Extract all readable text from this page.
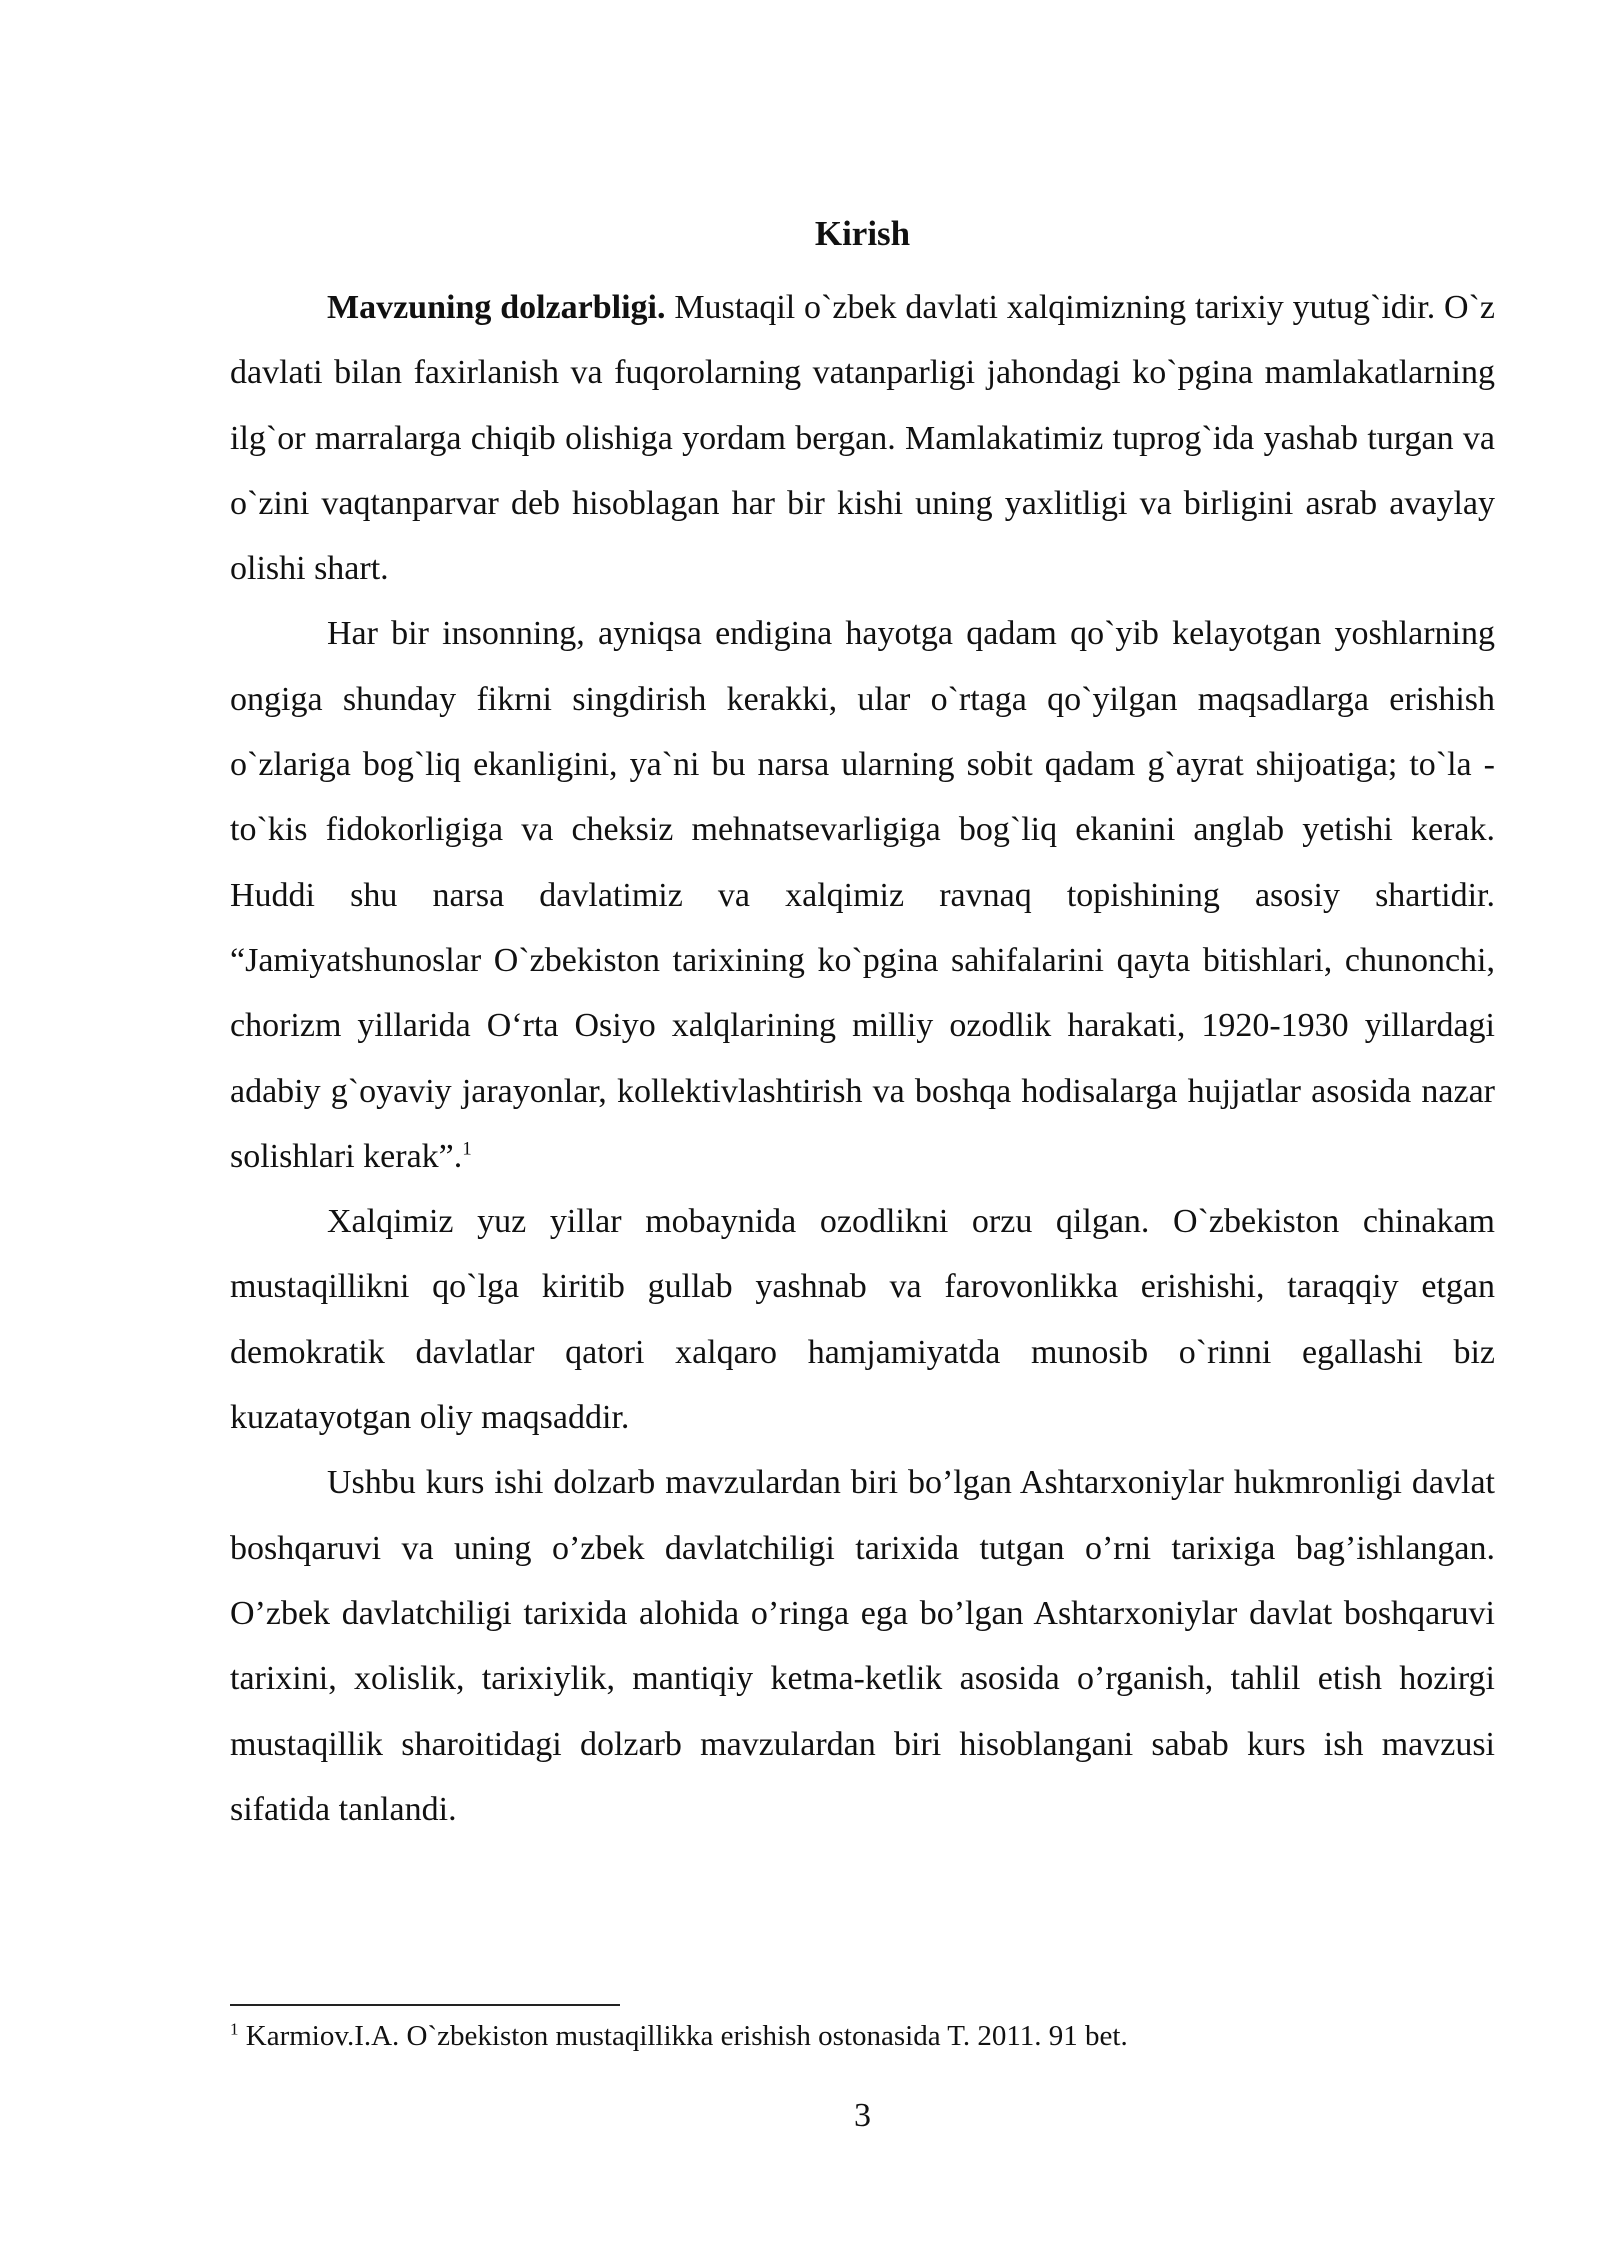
Kirish

Mavzuning dolzarbligi. Mustaqil o`zbek davlati xalqimizning tarixiy yutug`idir. O`z davlati bilan faxirlanish va fuqorolarning vatanparligi jahondagi ko`pgina mamlakatlarning ilg`or marralarga chiqib olishiga yordam bergan. Mamlakatimiz tuprog`ida yashab turgan va o`zini vaqtanparvar deb hisoblagan har bir kishi uning yaxlitligi va birligini asrab avaylay olishi shart.

Har bir insonning, ayniqsa endigina hayotga qadam qo`yib kelayotgan yoshlarning ongiga shunday fikrni singdirish kerakki, ular o`rtaga qo`yilgan maqsadlarga erishish o`zlariga bog`liq ekanligini, ya`ni bu narsa ularning sobit qadam g`ayrat shijoatiga; to`la -to`kis fidokorligiga va cheksiz mehnatsevarligiga bog`liq ekanini anglab yetishi kerak. Huddi shu narsa davlatimiz va xalqimiz ravnaq topishining asosiy shartidir. “Jamiyatshunoslar O`zbekiston tarixining ko`pgina sahifalarini qayta bitishlari, chunonchi, chorizm yillarida O‘rta Osiyo xalqlarining milliy ozodlik harakati, 1920-1930 yillardagi adabiy g`oyaviy jarayonlar, kollektivlashtirish va boshqa hodisalarga hujjatlar asosida nazar solishlari kerak”.$^1$

Xalqimiz yuz yillar mobaynida ozodlikni orzu qilgan. O`zbekiston chinakam mustaqillikni qo`lga kiritib gullab yashnab va farovonlikka erishishi, taraqqiy etgan demokratik davlatlar qatori xalqaro hamjamiyatda munosib o`rinni egallashi biz kuzatayotgan oliy maqsaddir.

Ushbu kurs ishi dolzarb mavzulardan biri bo’lgan Ashtarxoniylar hukmronligi davlat boshqaruvi va uning o’zbek davlatchiligi tarixida tutgan o’rni tarixiga bag’ishlangan. O’zbek davlatchiligi tarixida alohida o’ringa ega bo’lgan Ashtarxoniylar davlat boshqaruvi tarixini, xolislik, tarixiylik, mantiqiy ketma-ketlik asosida o’rganish, tahlil etish hozirgi mustaqillik sharoitidagi dolzarb mavzulardan biri hisoblangani sabab kurs ish mavzusi sifatida tanlandi.

$^1$ Karmiov.I.A. O`zbekiston mustaqillikka erishish ostonasida T. 2011. 91 bet.

3
